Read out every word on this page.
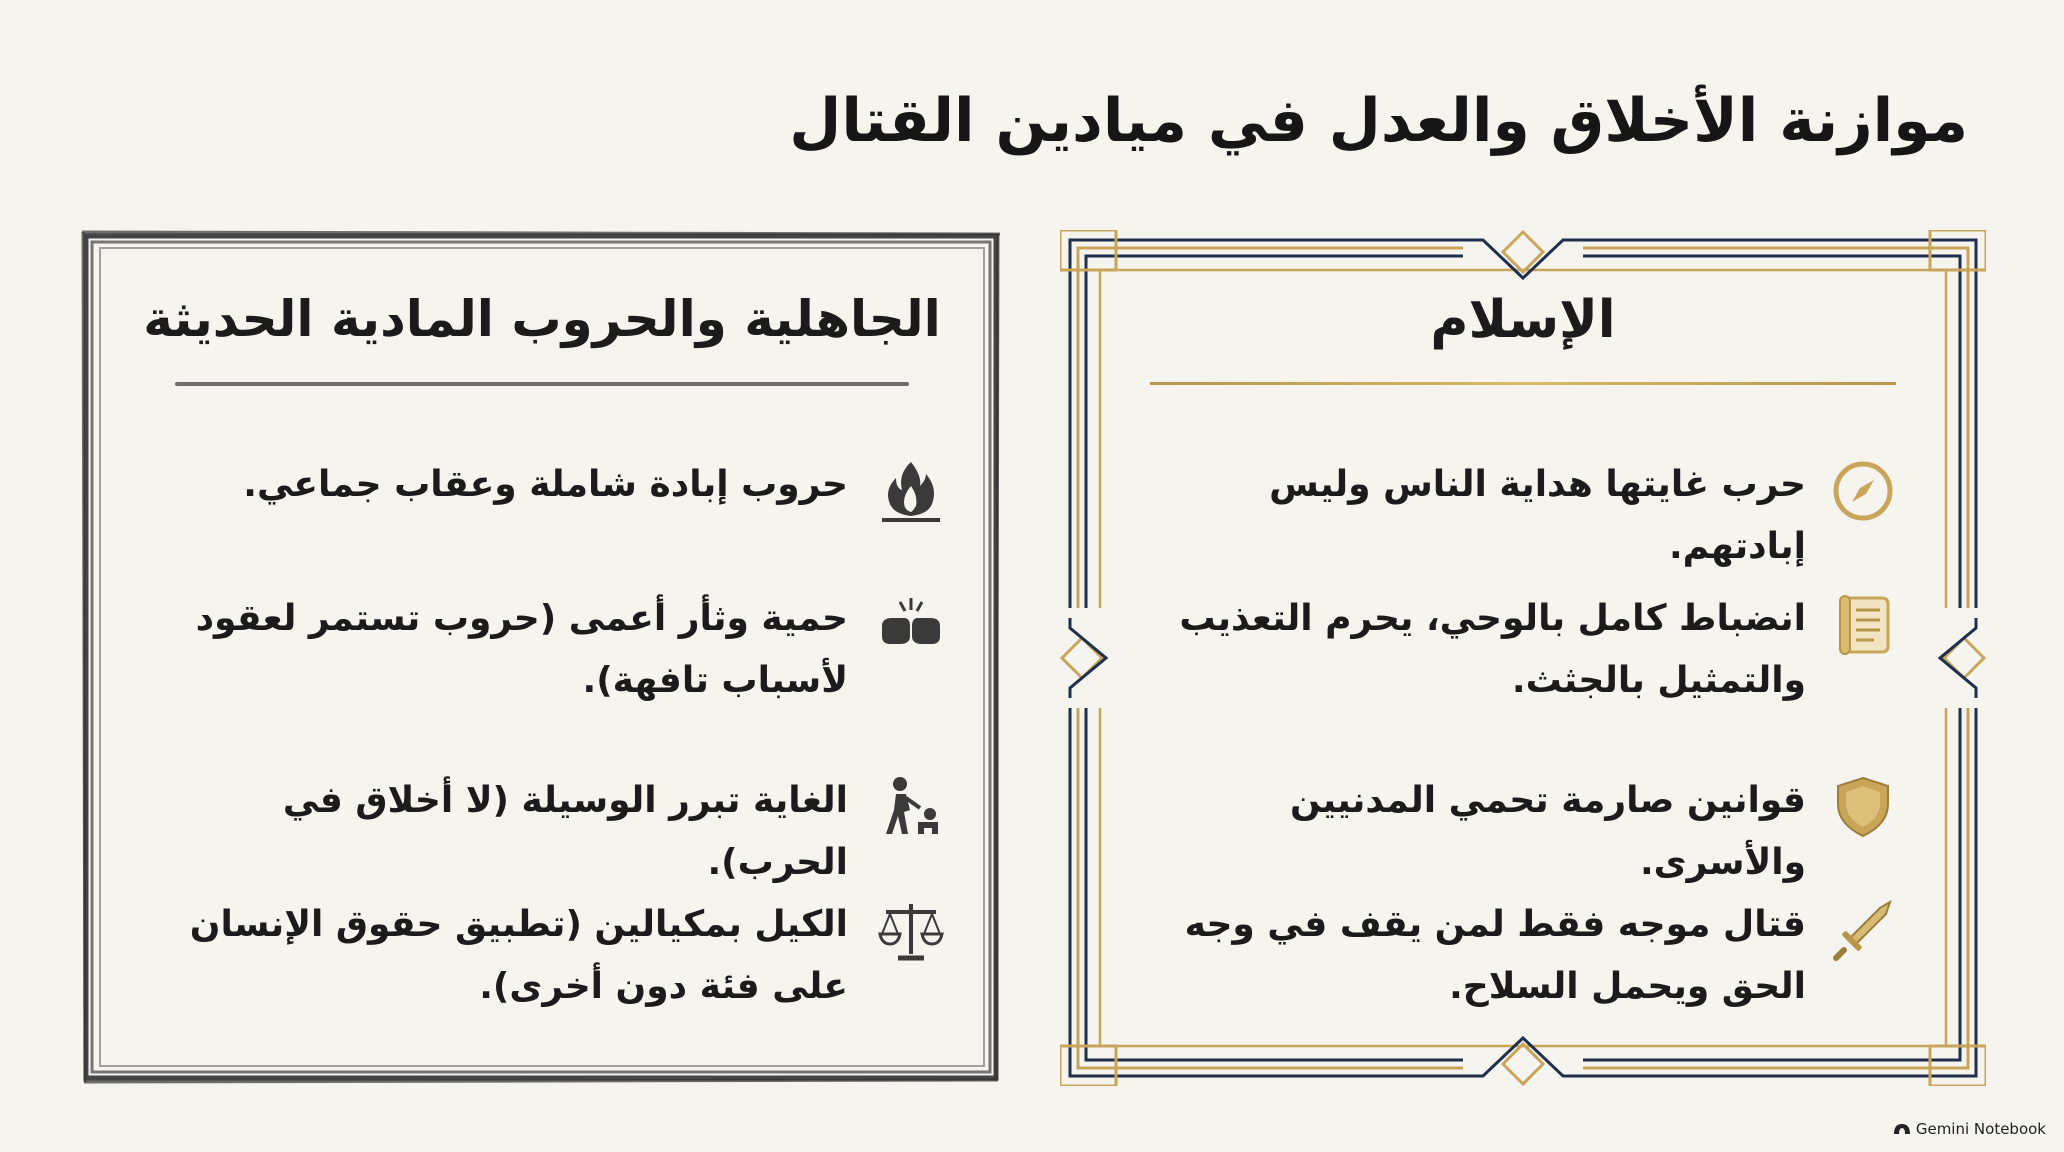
موازنة الأخلاق والعدل في ميادين القتال
الإسلام
حرب غايتها هداية الناس وليس إبادتهم.
انضباط كامل بالوحي، يحرم التعذيب والتمثيل بالجثث.
قوانين صارمة تحمي المدنيين والأسرى.
قتال موجه فقط لمن يقف في وجه الحق ويحمل السلاح.
الجاهلية والحروب المادية الحديثة
حروب إبادة شاملة وعقاب جماعي.
حمية وثأر أعمى (حروب تستمر لعقود لأسباب تافهة).
الغاية تبرر الوسيلة (لا أخلاق في الحرب).
الكيل بمكيالين (تطبيق حقوق الإنسان على فئة دون أخرى).
Gemini Notebook
